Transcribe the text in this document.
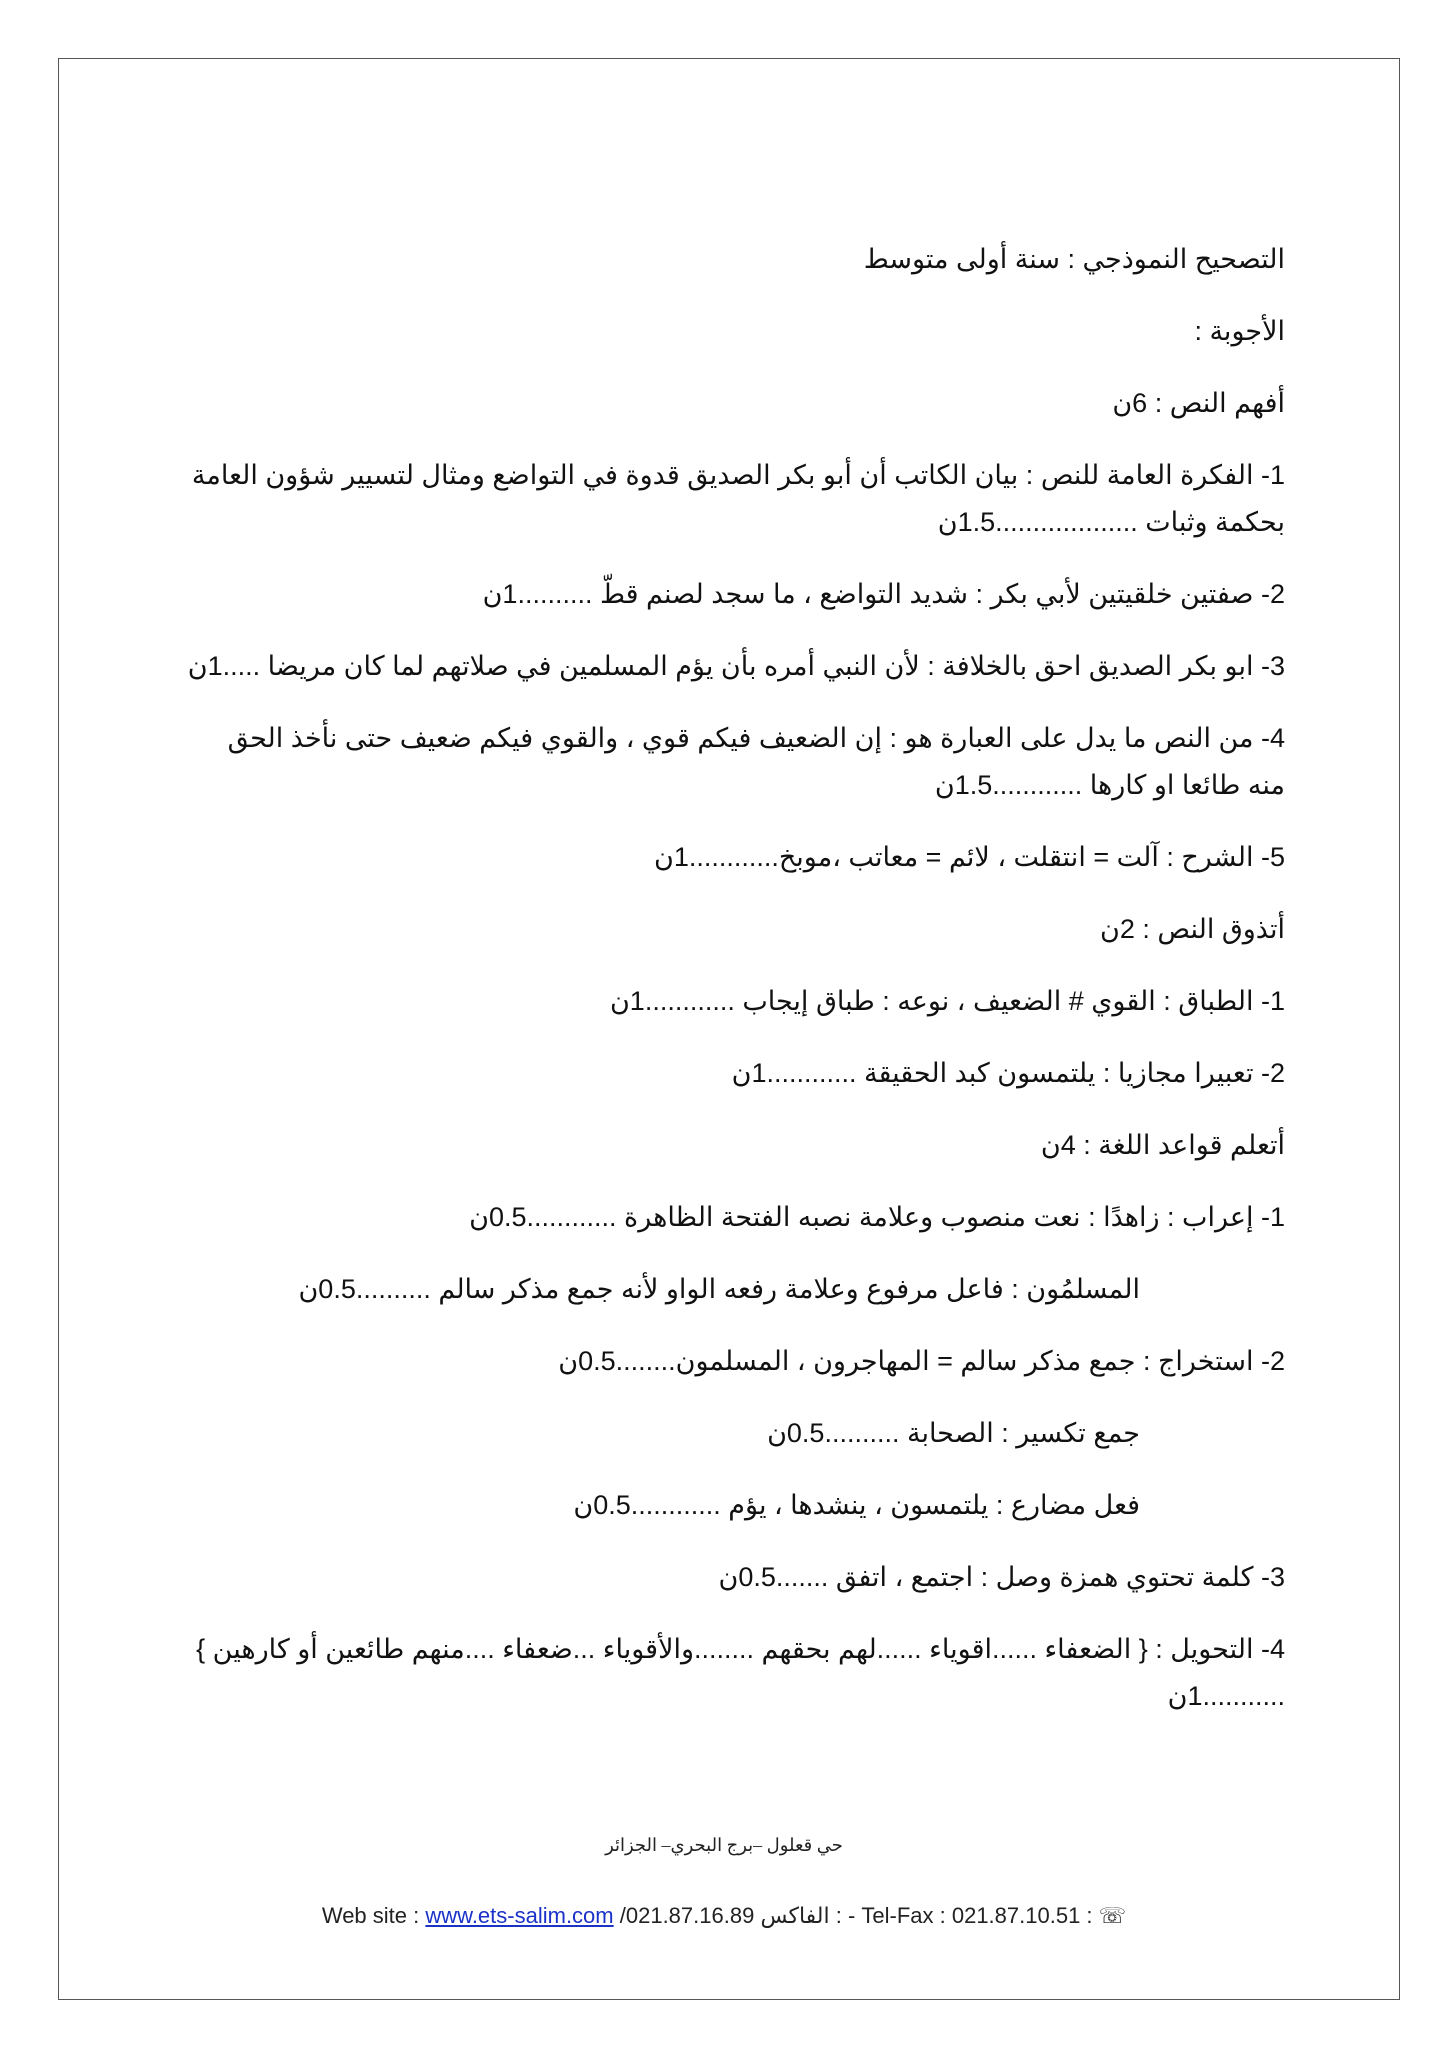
التصحيح النموذجي : سنة أولى متوسط

الأجوبة :

أفهم النص : 6ن

1- الفكرة العامة للنص : بيان الكاتب أن أبو بكر الصديق قدوة في التواضع ومثال لتسيير شؤون العامة بحكمة وثبات ...................1.5ن

2- صفتين خلقيتين لأبي بكر : شديد التواضع ، ما سجد لصنم قطّ ..........1ن

3- ابو بكر الصديق احق بالخلافة : لأن النبي أمره بأن يؤم المسلمين في صلاتهم لما كان مريضا .....1ن

4- من النص ما يدل على العبارة هو : إن الضعيف فيكم قوي ، والقوي فيكم ضعيف حتى نأخذ الحق منه طائعا او كارها ............1.5ن

5- الشرح : آلت = انتقلت ، لائم = معاتب ،موبخ............1ن

أتذوق النص : 2ن

1- الطباق : القوي # الضعيف ، نوعه : طباق إيجاب ............1ن

2- تعبيرا مجازيا : يلتمسون كبد الحقيقة ............1ن

أتعلم قواعد اللغة : 4ن

1- إعراب : زاهدًا : نعت منصوب وعلامة نصبه الفتحة الظاهرة ............0.5ن

المسلمُون : فاعل مرفوع وعلامة رفعه الواو لأنه جمع مذكر سالم ..........0.5ن

2- استخراج : جمع مذكر سالم = المهاجرون ، المسلمون........0.5ن

جمع تكسير : الصحابة ..........0.5ن

فعل مضارع : يلتمسون ، ينشدها ، يؤم ............0.5ن

3- كلمة تحتوي همزة وصل : اجتمع ، اتفق .......0.5ن

4- التحويل : { الضعفاء ......اقوياء ......لهم بحقهم ........والأقوياء ...ضعفاء ....منهم طائعين أو كارهين } ...........1ن

حي قعلول –برج البحري– الجزائر
Web site : www.ets-salim.com /021.87.16.89 الفاكس : - Tel-Fax : 021.87.10.51 : ☏
